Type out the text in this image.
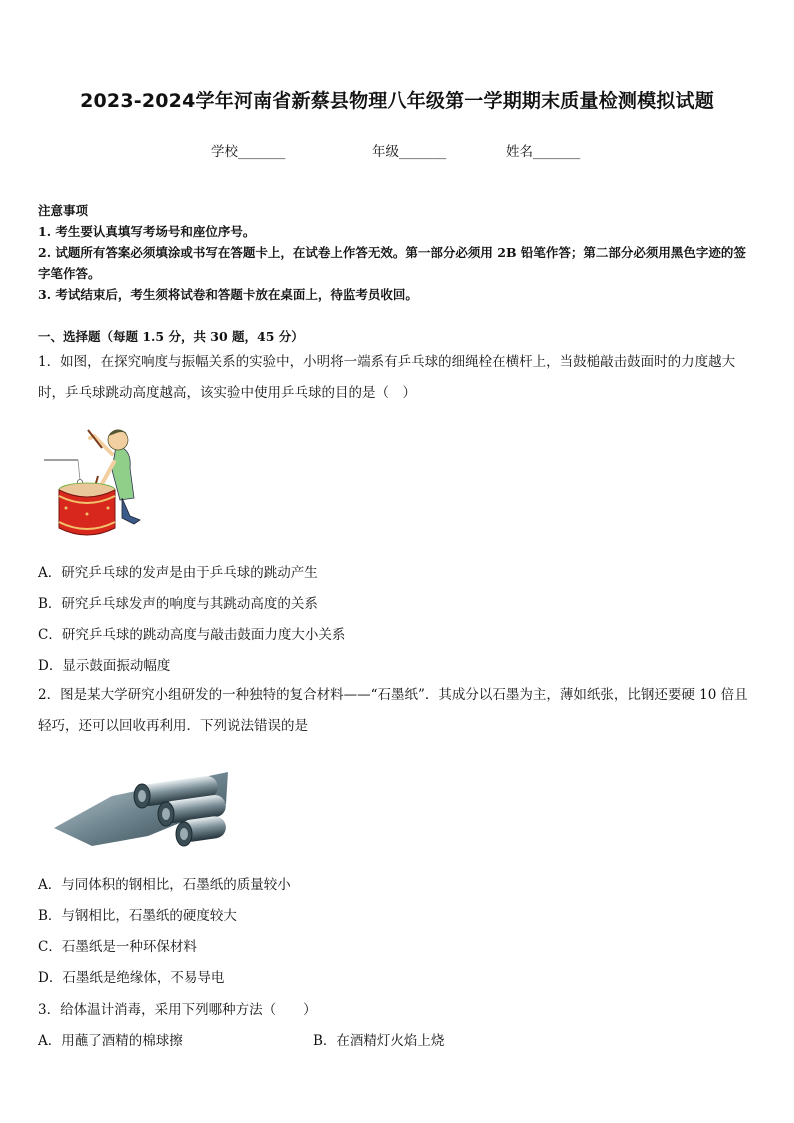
2023-2024学年河南省新蔡县物理八年级第一学期期末质量检测模拟试题
学校_______	年级_______	姓名_______
注意事项
1. 考生要认真填写考场号和座位序号。
2. 试题所有答案必须填涂或书写在答题卡上，在试卷上作答无效。第一部分必须用 2B 铅笔作答；第二部分必须用黑色字迹的签字笔作答。
3. 考试结束后，考生须将试卷和答题卡放在桌面上，待监考员收回。
一、选择题（每题 1.5 分，共 30 题，45 分）
1．如图，在探究响度与振幅关系的实验中，小明将一端系有乒乓球的细绳栓在横杆上，当鼓槌敲击鼓面时的力度越大时，乒乓球跳动高度越高，该实验中使用乒乓球的目的是（　）
A．研究乒乓球的发声是由于乒乓球的跳动产生
B．研究乒乓球发声的响度与其跳动高度的关系
C．研究乒乓球的跳动高度与敲击鼓面力度大小关系
D．显示鼓面振动幅度
2．图是某大学研究小组研发的一种独特的复合材料——“石墨纸”．其成分以石墨为主，薄如纸张，比钢还要硬 10 倍且轻巧，还可以回收再利用．下列说法错误的是
A．与同体积的钢相比，石墨纸的质量较小
B．与钢相比，石墨纸的硬度较大
C．石墨纸是一种环保材料
D．石墨纸是绝缘体，不易导电
3．给体温计消毒，采用下列哪种方法（　　）
A．用蘸了酒精的棉球擦	B．在酒精灯火焰上烧
